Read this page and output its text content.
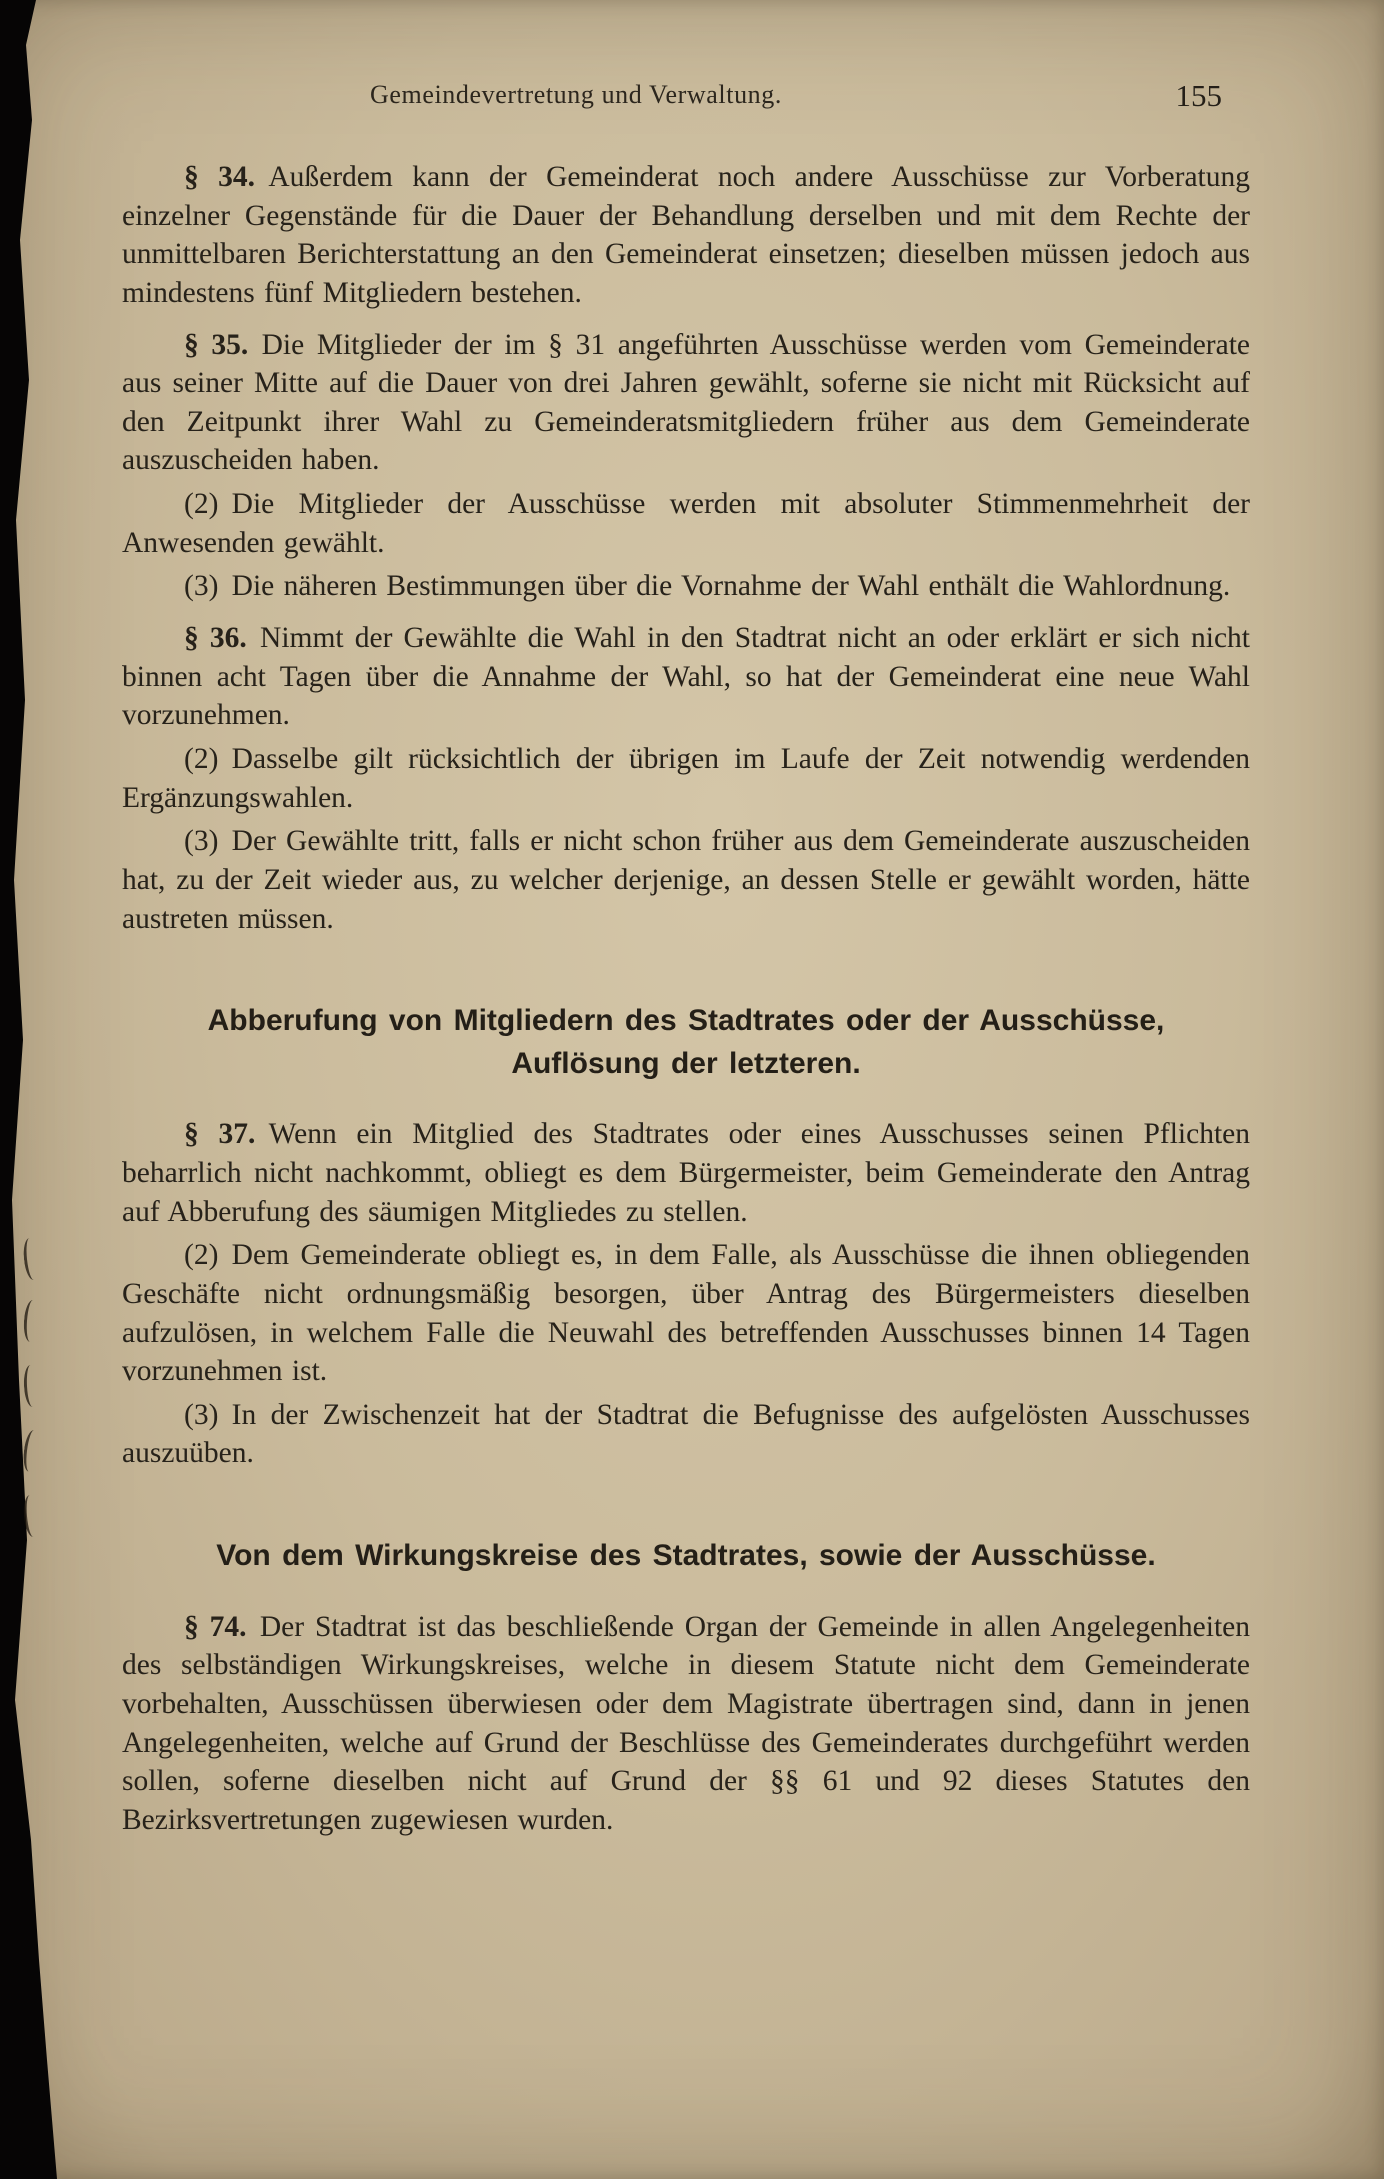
Gemeindevertretung und Verwaltung.	155

§ 34. Außerdem kann der Gemeinderat noch andere Ausschüsse zur Vorberatung einzelner Gegenstände für die Dauer der Behandlung derselben und mit dem Rechte der unmittelbaren Berichterstattung an den Gemeinderat einsetzen; dieselben müssen jedoch aus mindestens fünf Mitgliedern bestehen.

§ 35. Die Mitglieder der im § 31 angeführten Ausschüsse werden vom Gemeinderate aus seiner Mitte auf die Dauer von drei Jahren gewählt, soferne sie nicht mit Rücksicht auf den Zeitpunkt ihrer Wahl zu Gemeinderatsmitgliedern früher aus dem Gemeinderate auszuscheiden haben.

(2) Die Mitglieder der Ausschüsse werden mit absoluter Stimmenmehrheit der Anwesenden gewählt.

(3) Die näheren Bestimmungen über die Vornahme der Wahl enthält die Wahlordnung.

§ 36. Nimmt der Gewählte die Wahl in den Stadtrat nicht an oder erklärt er sich nicht binnen acht Tagen über die Annahme der Wahl, so hat der Gemeinderat eine neue Wahl vorzunehmen.

(2) Dasselbe gilt rücksichtlich der übrigen im Laufe der Zeit notwendig werdenden Ergänzungswahlen.

(3) Der Gewählte tritt, falls er nicht schon früher aus dem Gemeinderate auszuscheiden hat, zu der Zeit wieder aus, zu welcher derjenige, an dessen Stelle er gewählt worden, hätte austreten müssen.

Abberufung von Mitgliedern des Stadtrates oder der Ausschüsse,
Auflösung der letzteren.

§ 37. Wenn ein Mitglied des Stadtrates oder eines Ausschusses seinen Pflichten beharrlich nicht nachkommt, obliegt es dem Bürgermeister, beim Gemeinderate den Antrag auf Abberufung des säumigen Mitgliedes zu stellen.

(2) Dem Gemeinderate obliegt es, in dem Falle, als Ausschüsse die ihnen obliegenden Geschäfte nicht ordnungsmäßig besorgen, über Antrag des Bürgermeisters dieselben aufzulösen, in welchem Falle die Neuwahl des betreffenden Ausschusses binnen 14 Tagen vorzunehmen ist.

(3) In der Zwischenzeit hat der Stadtrat die Befugnisse des aufgelösten Ausschusses auszuüben.

Von dem Wirkungskreise des Stadtrates, sowie der Ausschüsse.

§ 74. Der Stadtrat ist das beschließende Organ der Gemeinde in allen Angelegenheiten des selbständigen Wirkungskreises, welche in diesem Statute nicht dem Gemeinderate vorbehalten, Ausschüssen überwiesen oder dem Magistrate übertragen sind, dann in jenen Angelegenheiten, welche auf Grund der Beschlüsse des Gemeinderates durchgeführt werden sollen, soferne dieselben nicht auf Grund der §§ 61 und 92 dieses Statutes den Bezirksvertretungen zugewiesen wurden.
